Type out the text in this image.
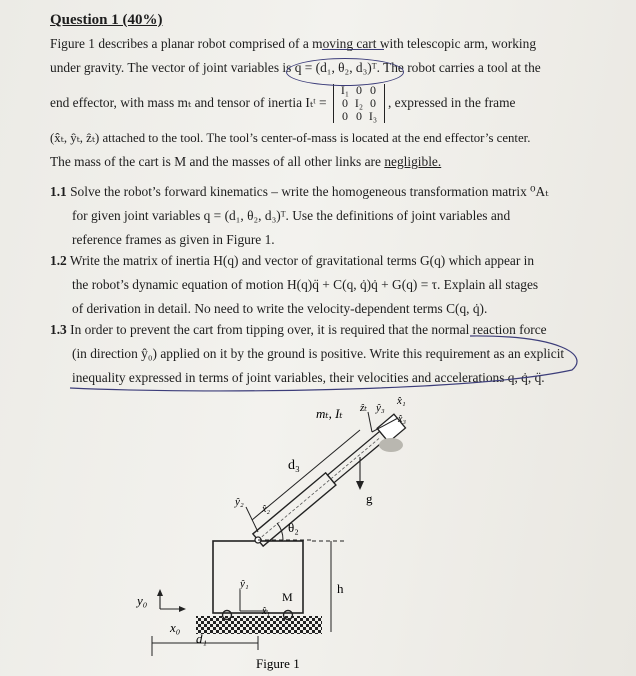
Question 1 (40%)
Figure 1 describes a planar robot comprised of a moving cart with telescopic arm, working
under gravity. The vector of joint variables is q = (d₁, θ₂, d₃)ᵀ. The robot carries a tool at the
end effector, with mass mₜ and tensor of inertia Iₜᵗ =
I₁ 0 0
0 I₂ 0
0 0 I₃
, expressed in the frame
(x̂ₜ, ŷₜ, ẑₜ) attached to the tool. The tool’s center-of-mass is located at the end effector’s center.
The mass of the cart is M and the masses of all other links are negligible.
1.1 Solve the robot’s forward kinematics – write the homogeneous transformation matrix ⁰Aₜ
for given joint variables q = (d₁, θ₂, d₃)ᵀ. Use the definitions of joint variables and
reference frames as given in Figure 1.
1.2 Write the matrix of inertia H(q) and vector of gravitational terms G(q) which appear in
the robot’s dynamic equation of motion H(q)q̈ + C(q, q̇)q̇ + G(q) = τ. Explain all stages
of derivation in detail. No need to write the velocity-dependent terms C(q, q̇).
1.3 In order to prevent the cart from tipping over, it is required that the normal reaction force
(in direction ŷ₀) applied on it by the ground is positive. Write this requirement as an explicit
inequality expressed in terms of joint variables, their velocities and accelerations q, q̇, q̈.
mₜ, Iₜ ẑₜ ŷ₃
x̂₁
x̂₃
d₃
g
ŷ₂
x̂₂
θ₂
ŷ₁
M
x̂₁
h
y₀
x₀
d₁
Figure 1
